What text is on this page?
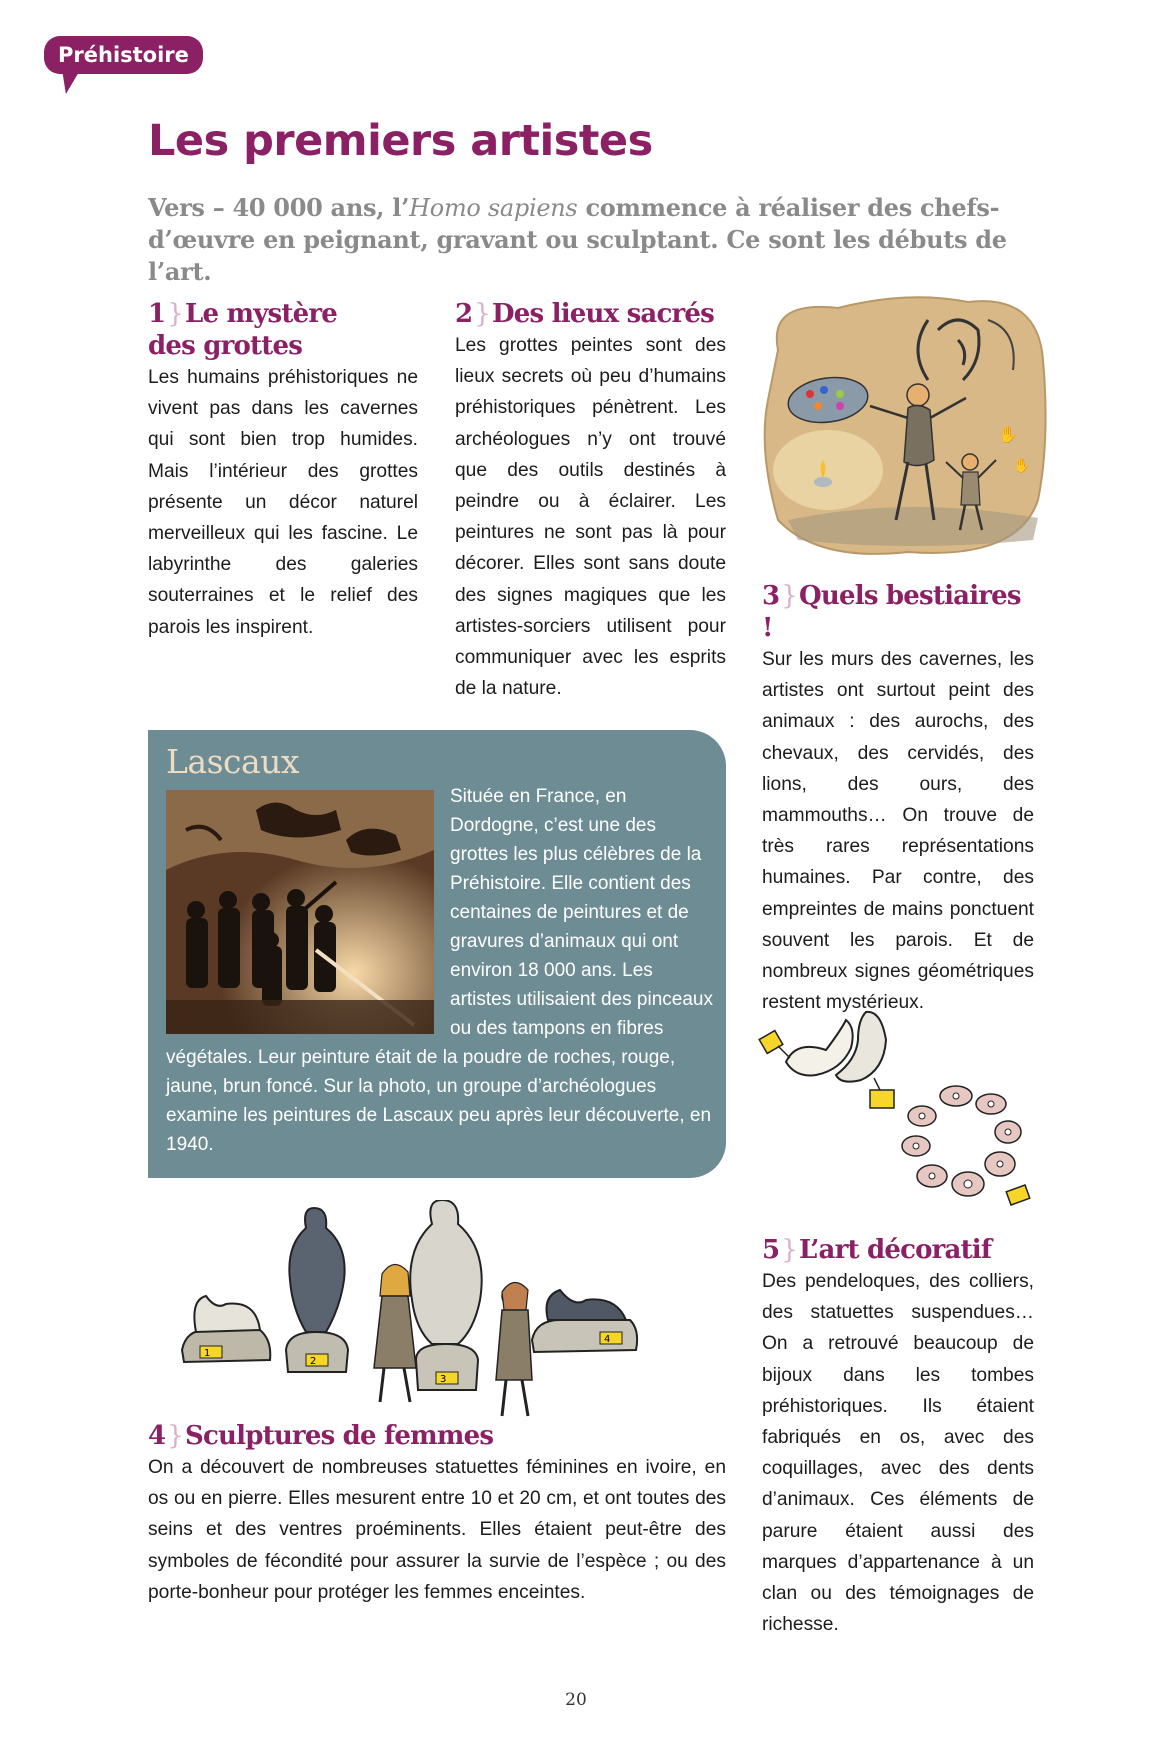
Préhistoire
Les premiers artistes
Vers – 40 000 ans, l’Homo sapiens commence à réaliser des chefs-d’œuvre en peignant, gravant ou sculptant. Ce sont les débuts de l’art.
1}Le mystère
des grottes
Les humains préhistoriques ne vivent pas dans les cavernes qui sont bien trop humides. Mais l’intérieur des grottes présente un décor naturel merveilleux qui les fascine. Le labyrinthe des galeries souterraines et le relief des parois les inspirent.
2}Des lieux sacrés
Les grottes peintes sont des lieux secrets où peu d’humains préhistoriques pénètrent. Les archéologues n’y ont trouvé que des outils destinés à peindre ou à éclairer. Les peintures ne sont pas là pour décorer. Elles sont sans doute des signes magiques que les artistes-sorciers utilisent pour communiquer avec les esprits de la nature.
✋
✋
3}Quels bestiaires !
Sur les murs des cavernes, les artistes ont surtout peint des animaux : des aurochs, des chevaux, des cervidés, des lions, des ours, des mammouths… On trouve de très rares représentations humaines. Par contre, des empreintes de mains ponctuent souvent les parois. Et de nombreux signes géométriques restent mystérieux.
Lascaux
Située en France, en Dordogne, c’est une des grottes les plus célèbres de la Préhistoire. Elle contient des centaines de peintures et de gravures d’animaux qui ont environ 18 000 ans. Les artistes utilisaient des pinceaux ou des tampons en fibres végétales. Leur peinture était de la poudre de roches, rouge, jaune, brun foncé. Sur la photo, un groupe d’archéologues examine les peintures de Lascaux peu après leur découverte, en 1940.
5}L’art décoratif
Des pendeloques, des colliers, des statuettes suspendues… On a retrouvé beaucoup de bijoux dans les tombes préhistoriques. Ils étaient fabriqués en os, avec des coquillages, avec des dents d’animaux. Ces éléments de parure étaient aussi des marques d’appartenance à un clan ou des témoignages de richesse.
1
2
3
4
4}Sculptures de femmes
On a découvert de nombreuses statuettes féminines en ivoire, en os ou en pierre. Elles mesurent entre 10 et 20 cm, et ont toutes des seins et des ventres proéminents. Elles étaient peut-être des symboles de fécondité pour assurer la survie de l’espèce ; ou des porte-bonheur pour protéger les femmes enceintes.
20
